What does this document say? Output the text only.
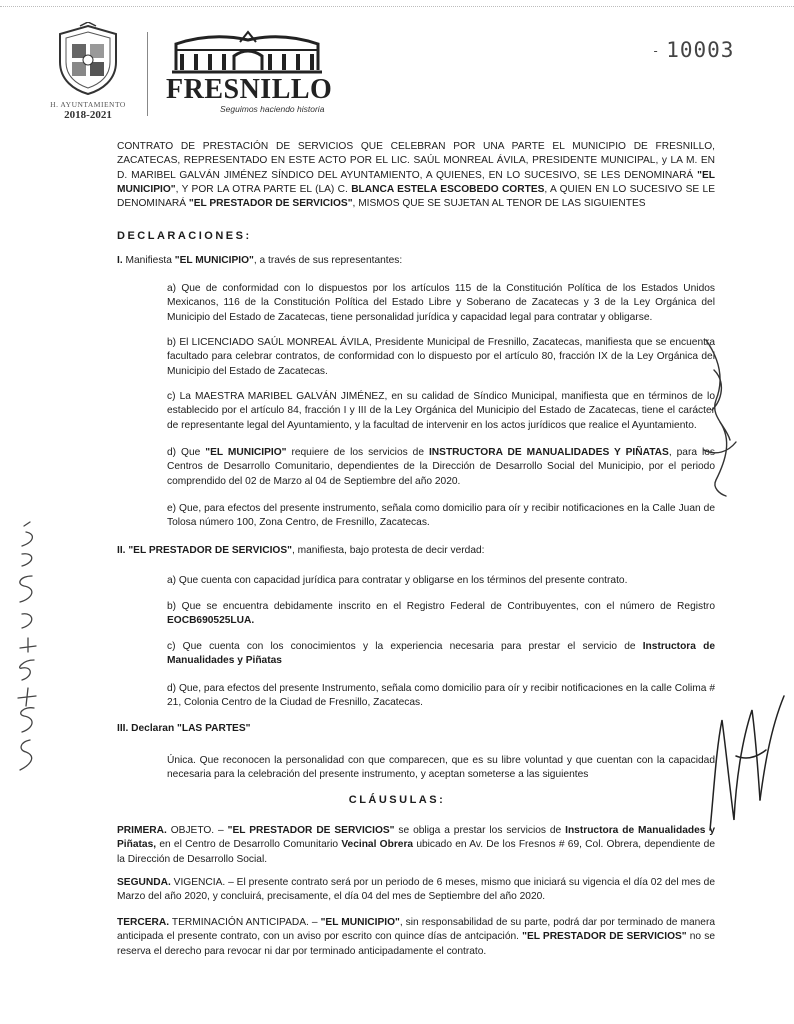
H. AYUNTAMIENTO
2018-2021
FRESNILLO
Seguimos haciendo historia
- 10003

CONTRATO DE PRESTACIÓN DE SERVICIOS QUE CELEBRAN POR UNA PARTE EL MUNICIPIO DE FRESNILLO, ZACATECAS, REPRESENTADO EN ESTE ACTO POR EL LIC. SAÚL MONREAL ÁVILA, PRESIDENTE MUNICIPAL, y LA M. EN D. MARIBEL GALVÁN JIMÉNEZ SÍNDICO DEL AYUNTAMIENTO, A QUIENES, EN LO SUCESIVO, SE LES DENOMINARÁ "EL MUNICIPIO", Y POR LA OTRA PARTE EL (LA) C. BLANCA ESTELA ESCOBEDO CORTES, A QUIEN EN LO SUCESIVO SE LE DENOMINARÁ "EL PRESTADOR DE SERVICIOS", MISMOS QUE SE SUJETAN AL TENOR DE LAS SIGUIENTES

DECLARACIONES:

I. Manifiesta "EL MUNICIPIO", a través de sus representantes:

a) Que de conformidad con lo dispuestos por los artículos 115 de la Constitución Política de los Estados Unidos Mexicanos, 116 de la Constitución Política del Estado Libre y Soberano de Zacatecas y 3 de la Ley Orgánica del Municipio del Estado de Zacatecas, tiene personalidad jurídica y capacidad legal para contratar y obligarse.

b) El LICENCIADO SAÚL MONREAL ÁVILA, Presidente Municipal de Fresnillo, Zacatecas, manifiesta que se encuentra facultado para celebrar contratos, de conformidad con lo dispuesto por el artículo 80, fracción IX de la Ley Orgánica del Municipio del Estado de Zacatecas.

c) La MAESTRA MARIBEL GALVÁN JIMÉNEZ, en su calidad de Síndico Municipal, manifiesta que en términos de lo establecido por el artículo 84, fracción I y III de la Ley Orgánica del Municipio del Estado de Zacatecas, tiene el carácter de representante legal del Ayuntamiento, y la facultad de intervenir en los actos jurídicos que realice el Ayuntamiento.

d) Que "EL MUNICIPIO" requiere de los servicios de INSTRUCTORA DE MANUALIDADES Y PIÑATAS, para los Centros de Desarrollo Comunitario, dependientes de la Dirección de Desarrollo Social del Municipio, por el periodo comprendido del 02 de Marzo al 04 de Septiembre del año 2020.

e) Que, para efectos del presente instrumento, señala como domicilio para oír y recibir notificaciones en la Calle Juan de Tolosa número 100, Zona Centro, de Fresnillo, Zacatecas.

II. "EL PRESTADOR DE SERVICIOS", manifiesta, bajo protesta de decir verdad:

a) Que cuenta con capacidad jurídica para contratar y obligarse en los términos del presente contrato.

b) Que se encuentra debidamente inscrito en el Registro Federal de Contribuyentes, con el número de Registro EOCB690525LUA.

c) Que cuenta con los conocimientos y la experiencia necesaria para prestar el servicio de Instructora de Manualidades y Piñatas

d) Que, para efectos del presente Instrumento, señala como domicilio para oír y recibir notificaciones en la calle Colima # 21, Colonia Centro de la Ciudad de Fresnillo, Zacatecas.

III. Declaran "LAS PARTES"

Única. Que reconocen la personalidad con que comparecen, que es su libre voluntad y que cuentan con la capacidad necesaria para la celebración del presente instrumento, y aceptan someterse a las siguientes

CLÁUSULAS:

PRIMERA. OBJETO. – "EL PRESTADOR DE SERVICIOS" se obliga a prestar los servicios de Instructora de Manualidades y Piñatas, en el Centro de Desarrollo Comunitario Vecinal Obrera ubicado en Av. De los Fresnos # 69, Col. Obrera, dependiente de la Dirección de Desarrollo Social.

SEGUNDA. VIGENCIA. – El presente contrato será por un periodo de 6 meses, mismo que iniciará su vigencia el día 02 del mes de Marzo del año 2020, y concluirá, precisamente, el día 04 del mes de Septiembre del año 2020.

TERCERA. TERMINACIÓN ANTICIPADA. – "EL MUNICIPIO", sin responsabilidad de su parte, podrá dar por terminado de manera anticipada el presente contrato, con un aviso por escrito con quince días de antcipación. "EL PRESTADOR DE SERVICIOS" no se reserva el derecho para revocar ni dar por terminado anticipadamente el contrato.
